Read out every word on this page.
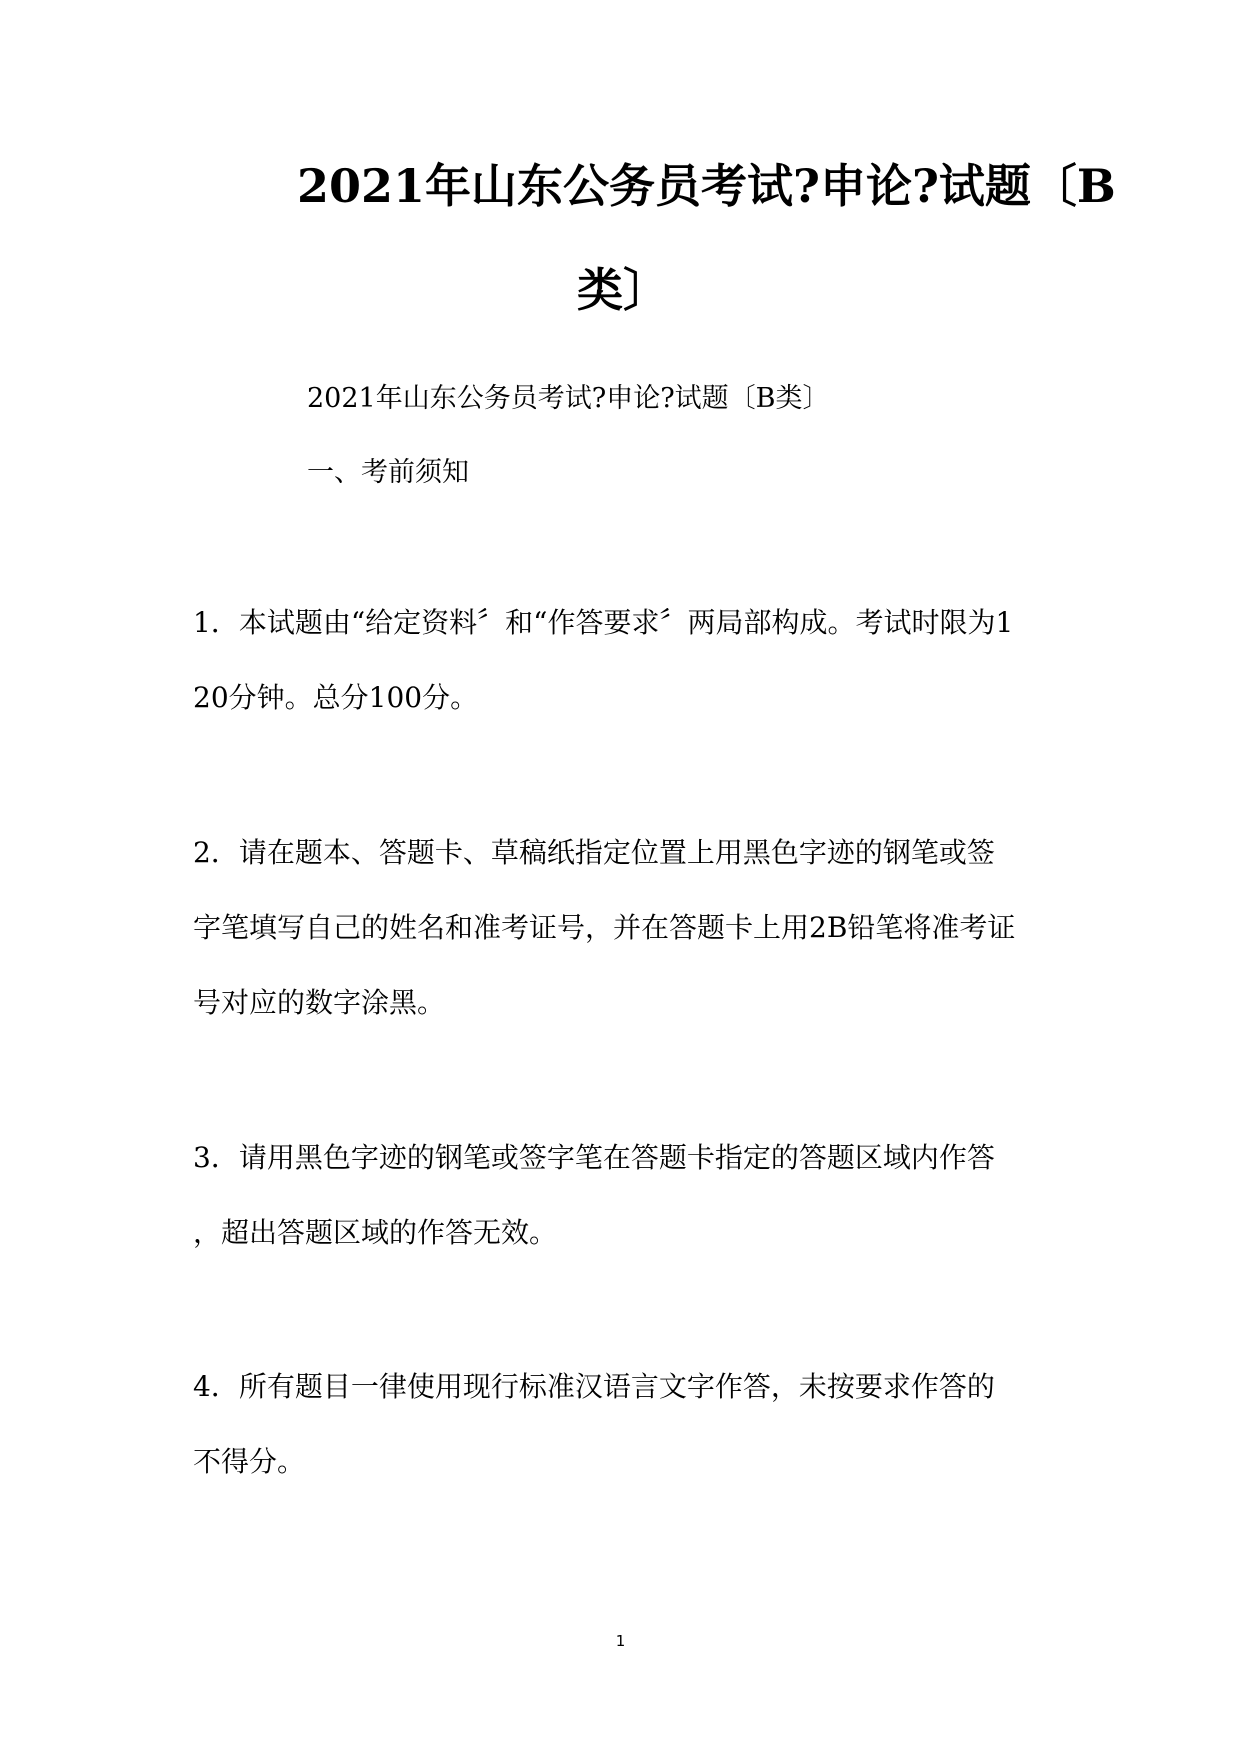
2021年山东公务员考试?申论?试题〔B
类〕
2021年山东公务员考试?申论?试题〔B类〕
一、考前须知
1．本试题由“给定资料〞和“作答要求〞两局部构成。考试时限为1
20分钟。总分100分。
2．请在题本、答题卡、草稿纸指定位置上用黑色字迹的钢笔或签
字笔填写自己的姓名和准考证号，并在答题卡上用2B铅笔将准考证
号对应的数字涂黑。
3．请用黑色字迹的钢笔或签字笔在答题卡指定的答题区域内作答
，超出答题区域的作答无效。
4．所有题目一律使用现行标准汉语言文字作答，未按要求作答的
不得分。
1
